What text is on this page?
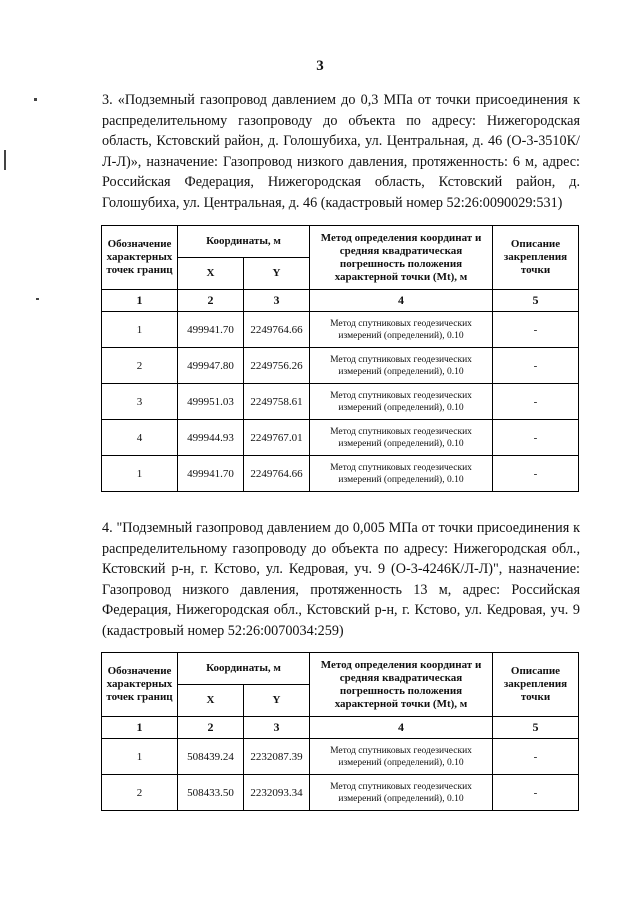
3
3. «Подземный газопровод давлением до 0,3 МПа от точки присоединения к распределительному газопроводу до объекта по адресу: Нижегородская область, Кстовский район, д. Голошубиха, ул. Центральная, д. 46 (О-3-3510К/Л-Л)», назначение: Газопровод низкого давления, протяженность: 6 м, адрес: Российская Федерация, Нижегородская область, Кстовский район, д. Голошубиха, ул. Центральная, д. 46 (кадастровый номер 52:26:0090029:531)
Обозначение характерных точек границ	Координаты, м		Метод определения координат и средняя квадратическая погрешность положения характерной точки (Mt), м	Описание закрепления точки
	X	Y		
1	2	3	4	5
1	499941.70	2249764.66	Метод спутниковых геодезических измерений (определений), 0.10	-
2	499947.80	2249756.26	Метод спутниковых геодезических измерений (определений), 0.10	-
3	499951.03	2249758.61	Метод спутниковых геодезических измерений (определений), 0.10	-
4	499944.93	2249767.01	Метод спутниковых геодезических измерений (определений), 0.10	-
1	499941.70	2249764.66	Метод спутниковых геодезических измерений (определений), 0.10	-
4. "Подземный газопровод давлением до 0,005 МПа от точки присоединения к распределительному газопроводу до объекта по адресу: Нижегородская обл., Кстовский р-н, г. Кстово, ул. Кедровая, уч. 9 (О-3-4246К/Л-Л)", назначение: Газопровод низкого давления, протяженность 13 м, адрес: Российская Федерация, Нижегородская обл., Кстовский р-н, г. Кстово, ул. Кедровая, уч. 9 (кадастровый номер 52:26:0070034:259)
Обозначение характерных точек границ	Координаты, м		Метод определения координат и средняя квадратическая погрешность положения характерной точки (Mt), м	Описапие закрепления точки
	X	Y		
1	2	3	4	5
1	508439.24	2232087.39	Метод спутниковых геодезических измерений (определений), 0.10	-
2	508433.50	2232093.34	Метод спутниковых геодезических измерений (определений), 0.10	-
